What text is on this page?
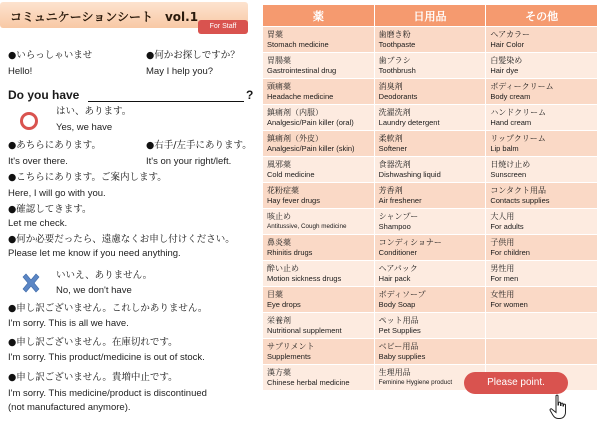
コミュニケーションシート　vol.1
For Staff
●いらっしゃいませ
Hello!
●何かお探しですか？
May I help you?
Do you have	?
はい、あります。
Yes, we have
●あちらにあります。
It's over there.
●右手/左手にあります。
It's on your right/left.
●こちらにあります。ご案内します。
Here, I will go with you.
●確認してきます。
Let me check.
●何か必要だったら、遠慮なくお申し付けください。
Please let me know if you need anything.
いいえ、ありません。
No, we don't have
●申し訳ございません。これしかありません。
I'm sorry. This is all we have.
●申し訳ございません。在庫切れです。
I'm sorry. This product/medicine is out of stock.
●申し訳ございません。貴増中止です。
I'm sorry. This medicine/product is discontinued
(not manufactured anymore).
薬	日用品	その他

胃薬
Stomach medicine	歯磨き粉
Toothpaste	ヘアカラー
Hair Color

胃腸薬
Gastrointestinal drug	歯ブラシ
Toothbrush	白髪染め
Hair dye

頭痛薬
Headache medicine	消臭剤
Deodorants	ボディークリーム
Body cream

鎮痛剤（内服）
Analgesic/Pain killer (oral)	洗濯洗剤
Laundry detergent	ハンドクリーム
Hand cream

鎮痛剤（外皮）
Analgesic/Pain killer (skin)	柔軟剤
Softener	リップクリーム
Lip balm

風邪薬
Cold medicine	食器洗剤
Dishwashing liquid	日焼け止め
Sunscreen

花粉症薬
Hay fever drugs	芳香剤
Air freshener	コンタクト用品
Contacts supplies

咳止め
Antitussive, Cough medicine	シャンプー
Shampoo	大人用
For adults

鼻炎薬
Rhinitis drugs	コンディショナー
Conditioner	子供用
For children

酔い止め
Motion sickness drugs	ヘアパック
Hair pack	男性用
For men

目薬
Eye drops	ボディソープ
Body Soap	女性用
For women

栄養剤
Nutritional supplement	ペット用品
Pet Supplies	

サプリメント
Supplements	ベビー用品
Baby supplies	

漢方薬
Chinese herbal medicine	生理用品
Feminine Hygiene product	
		Please point.
